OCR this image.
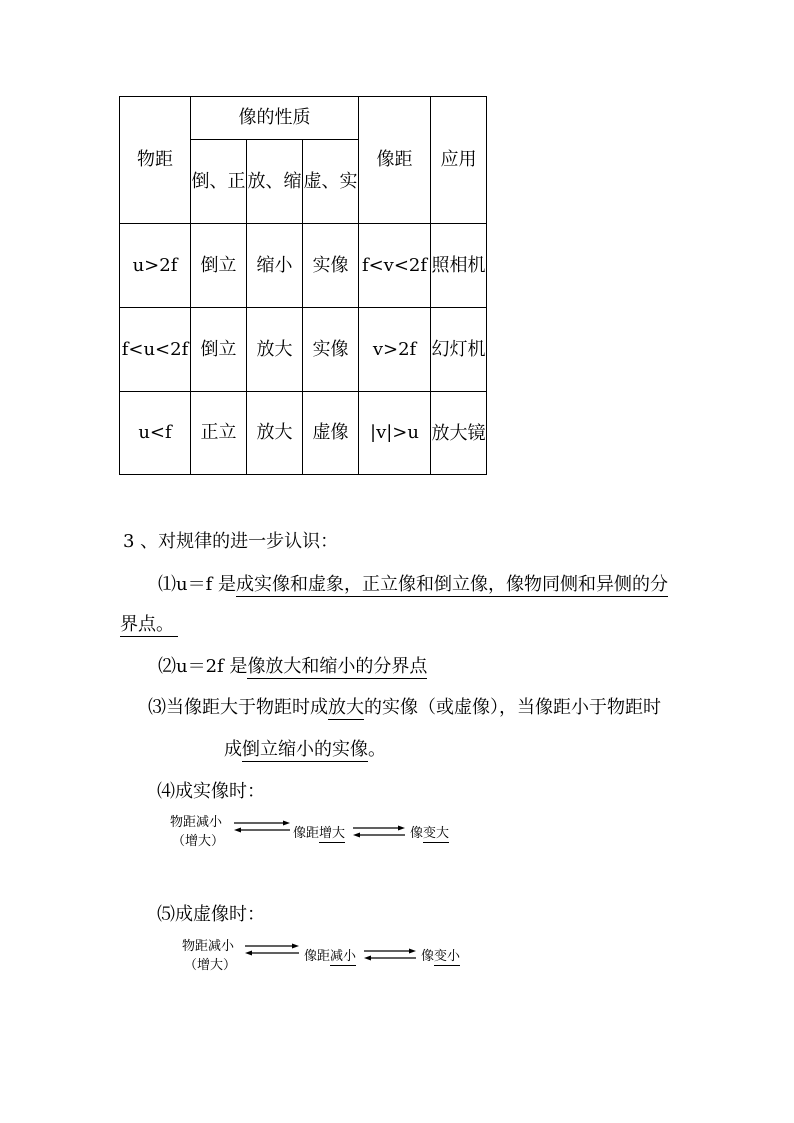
物距	像的性质			像距	应用
	倒、正	放、缩	虚、实		
u>2f	倒立	缩小	实像	f<v<2f	照相机
f<u<2f	倒立	放大	实像	v>2f	幻灯机
u<f	正立	放大	虚像	|v|>u	放大镜
3 、对规律的进一步认识：
⑴u＝f 是成实像和虚象，正立像和倒立像，像物同侧和异侧的分
界点。
⑵u＝2f 是像放大和缩小的分界点
⑶当像距大于物距时成放大的实像（或虚像），当像距小于物距时
成倒立缩小的实像。
⑷成实像时：
物距减小
（增大）
像距增大	像变大
⑸成虚像时：
物距减小
（增大）
像距减小	像变小
